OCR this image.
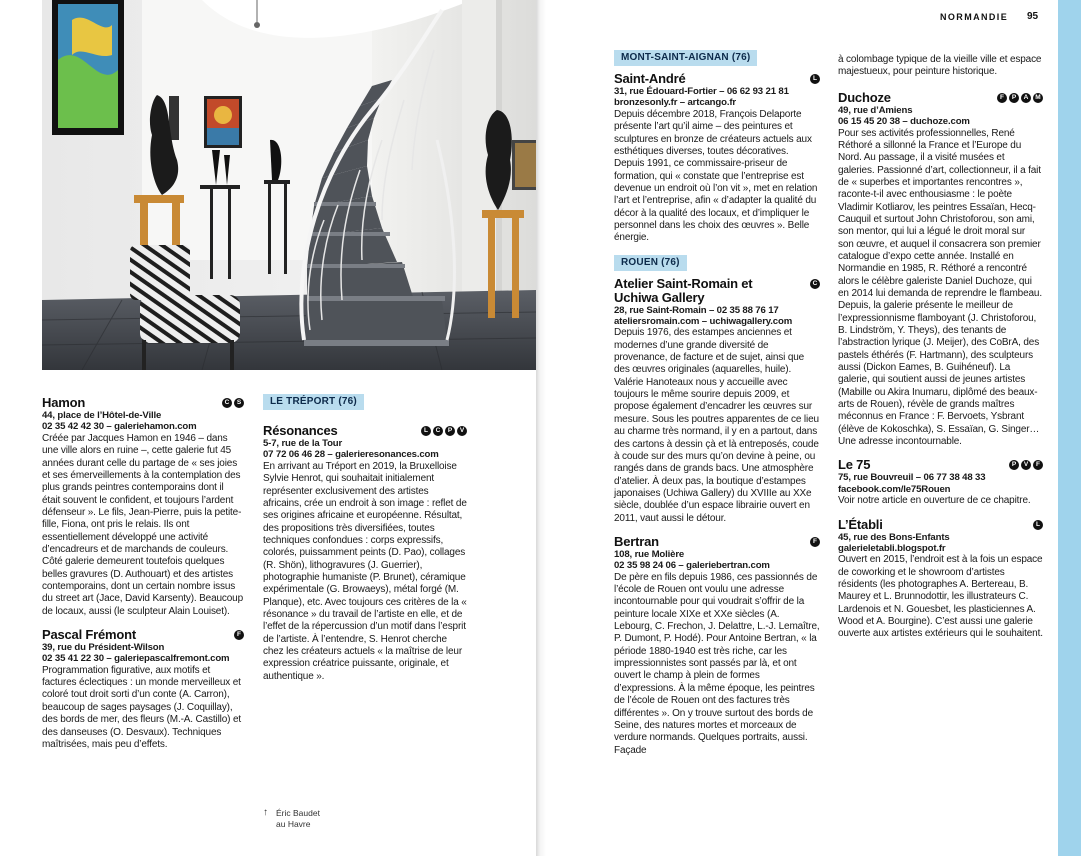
NORMANDIE 95
Hamon	C	S

44, place de l’Hôtel-de-Ville

02 35 42 42 30 – galeriehamon.com

Créée par Jacques Hamon en 1946 – dans une ville alors en ruine –, cette galerie fut 45 années durant celle du partage de « ses joies et ses émerveillements à la contemplation des plus grands peintres contemporains dont il était souvent le confident, et toujours l’ardent défenseur ». Le fils, Jean-Pierre, puis la petite-fille, Fiona, ont pris le relais. Ils ont essentiellement développé une activité d’encadreurs et de marchands de couleurs. Côté galerie demeurent toutefois quelques belles gravures (D. Authouart) et des artistes contemporains, dont un certain nombre issus du street art (Jace, David Karsenty). Beaucoup de locaux, aussi (le sculpteur Alain Louiset).

Pascal Frémont	F

39, rue du Président-Wilson

02 35 41 22 30 – galeriepascalfremont.com

Programmation figurative, aux motifs et factures éclectiques : un monde merveilleux et coloré tout droit sorti d’un conte (A. Carron), beaucoup de sages paysages (J. Coquillay), des bords de mer, des fleurs (M.-A. Castillo) et des danseuses (O. Desvaux). Techniques maîtrisées, mais peu d’effets.

LE TRÉPORT (76)
Résonances	L	C	P	V

5-7, rue de la Tour

07 72 06 46 28 – galerieresonances.com

En arrivant au Tréport en 2019, la Bruxelloise Sylvie Henrot, qui souhaitait initialement représenter exclusivement des artistes africains, crée un endroit à son image : reflet de ses origines africaine et européenne. Résultat, des propositions très diversifiées, toutes techniques confondues : corps expressifs, colorés, puissamment peints (D. Pao), collages (R. Shön), lithogravures (J. Guerrier), photographie humaniste (P. Brunet), céramique expérimentale (G. Browaeys), métal forgé (M. Planque), etc. Avec toujours ces critères de la « résonance » du travail de l’artiste en elle, et de l’effet de la répercussion d’un motif dans l’esprit de l’artiste. À l’entendre, S. Henrot cherche chez les créateurs actuels « la maîtrise de leur expression créatrice puissante, originale, et authentique ».

↑ Éric Baudet
au Havre
MONT-SAINT-AIGNAN (76)
Saint-André	L

31, rue Édouard-Fortier – 06 62 93 21 81

bronzesonly.fr – artcango.fr

Depuis décembre 2018, François Delaporte présente l’art qu’il aime – des peintures et sculptures en bronze de créateurs actuels aux esthétiques diverses, toutes décoratives. Depuis 1991, ce commissaire-priseur de formation, qui « constate que l’entreprise est devenue un endroit où l’on vit », met en relation l’art et l’entreprise, afin « d’adapter la qualité du décor à la qualité des locaux, et d’impliquer le personnel dans les choix des œuvres ». Belle énergie.

ROUEN (76)
Atelier Saint-Romain et Uchiwa Gallery
C

28, rue Saint-Romain – 02 35 88 76 17

ateliersromain.com – uchiwagallery.com

Depuis 1976, des estampes anciennes et modernes d’une grande diversité de provenance, de facture et de sujet, ainsi que des œuvres originales (aquarelles, huile). Valérie Hanoteaux nous y accueille avec toujours le même sourire depuis 2009, et propose également d’encadrer les œuvres sur mesure. Sous les poutres apparentes de ce lieu au charme très normand, il y en a partout, dans des cartons à dessin çà et là entreposés, coude à coude sur des murs qu’on devine à peine, ou rangés dans de grands bacs. Une atmosphère d’atelier. À deux pas, la boutique d’estampes japonaises (Uchiwa Gallery) du XVIIIe au XXe siècle, doublée d’un espace librairie ouvert en 2011, vaut aussi le détour.

Bertran	F

108, rue Molière

02 35 98 24 06 – galeriebertran.com

De père en fils depuis 1986, ces passionnés de l’école de Rouen ont voulu une adresse incontournable pour qui voudrait s’offrir de la peinture locale XIXe et XXe siècles (A. Lebourg, C. Frechon, J. Delattre, L.-J. Lemaître, P. Dumont, P. Hodé). Pour Antoine Bertran, « la période 1880-1940 est très riche, car les impressionnistes sont passés par là, et ont ouvert le champ à plein de formes d’expressions. À la même époque, les peintres de l’école de Rouen ont des factures très différentes ». On y trouve surtout des bords de Seine, des natures mortes et morceaux de verdure normands. Quelques portraits, aussi. Façade

à colombage typique de la vieille ville et espace majestueux, pour peinture historique.

Duchoze	F	P	A	M

49, rue d’Amiens

06 15 45 20 38 – duchoze.com

Pour ses activités professionnelles, René Réthoré a sillonné la France et l’Europe du Nord. Au passage, il a visité musées et galeries. Passionné d’art, collectionneur, il a fait de « superbes et importantes rencontres », raconte-t-il avec enthousiasme : le poète Vladimir Kotliarov, les peintres Essaïan, Hecq-Cauquil et surtout John Christoforou, son ami, son mentor, qui lui a légué le droit moral sur son œuvre, et auquel il consacrera son premier catalogue d’expo cette année. Installé en Normandie en 1985, R. Réthoré a rencontré alors le célèbre galeriste Daniel Duchoze, qui en 2014 lui demanda de reprendre le flambeau. Depuis, la galerie présente le meilleur de l’expressionnisme flamboyant (J. Christoforou, B. Lindström, Y. Theys), des tenants de l’abstraction lyrique (J. Meijer), des CoBrA, des pastels éthérés (F. Hartmann), des sculpteurs aussi (Dickon Eames, B. Guihéneuf). La galerie, qui soutient aussi de jeunes artistes (Mabille ou Akira Inumaru, diplômé des beaux-arts de Rouen), révèle de grands maîtres méconnus en France : F. Bervoets, Ysbrant (élève de Kokoschka), S. Essaïan, G. Singer… Une adresse incontournable.

Le 75	P	V	F

75, rue Bouvreuil – 06 77 38 48 33

facebook.com/le75Rouen

Voir notre article en ouverture de ce chapitre.

L’Établi	L

45, rue des Bons-Enfants

galerieletabli.blogspot.fr

Ouvert en 2015, l’endroit est à la fois un espace de coworking et le showroom d’artistes résidents (les photographes A. Bertereau, B. Maurey et L. Brunnodottir, les illustrateurs C. Lardenois et N. Gouesbet, les plasticiennes A. Wood et A. Bourgine). C’est aussi une galerie ouverte aux artistes extérieurs qui le souhaitent.
